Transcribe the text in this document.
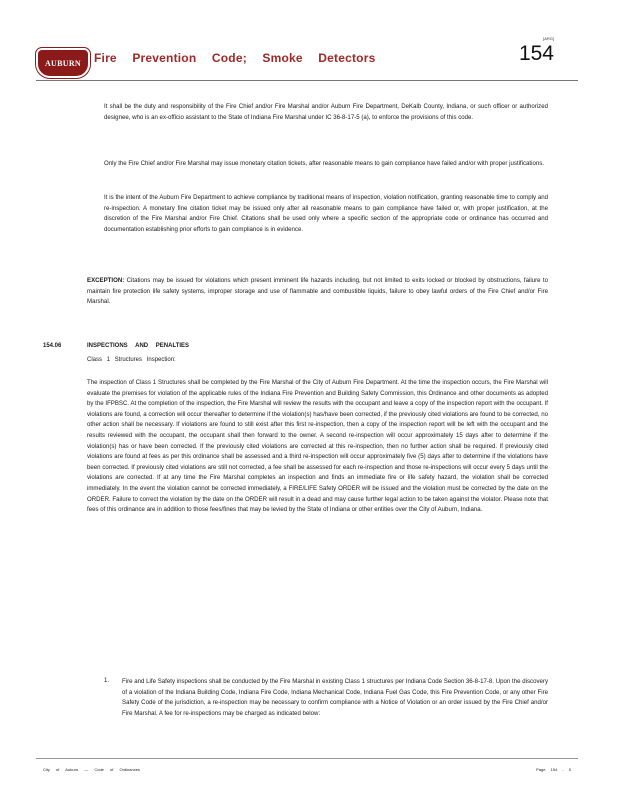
AUBURN Fire Prevention Code; Smoke Detectors
[ARG]
154

It shall be the duty and responsibility of the Fire Chief and/or Fire Marshal and/or Auburn Fire Department, DeKalb County, Indiana, or such officer or authorized designee, who is an ex-officio assistant to the State of Indiana Fire Marshal under IC 36-8-17-5 (a), to enforce the provisions of this code.

Only the Fire Chief and/or Fire Marshal may issue monetary citation tickets, after reasonable means to gain compliance have failed and/or with proper justifications.

It is the intent of the Auburn Fire Department to achieve compliance by traditional means of inspection, violation notification, granting reasonable time to comply and re-inspection. A monetary fine citation ticket may be issued only after all reasonable means to gain compliance have failed or, with proper justification, at the discretion of the Fire Marshal and/or Fire Chief. Citations shall be used only where a specific section of the appropriate code or ordinance has occurred and documentation establishing prior efforts to gain compliance is in evidence.

EXCEPTION: Citations may be issued for violations which present imminent life hazards including, but not limited to exits locked or blocked by obstructions, failure to maintain fire protection life safety systems, improper storage and use of flammable and combustible liquids, failure to obey lawful orders of the Fire Chief and/or Fire Marshal.

154.06	INSPECTIONS AND PENALTIES
Class 1 Structures Inspection:

The inspection of Class 1 Structures shall be completed by the Fire Marshal of the City of Auburn Fire Department. At the time the inspection occurs, the Fire Marshal will evaluate the premises for violation of the applicable rules of the Indiana Fire Prevention and Building Safety Commission, this Ordinance and other documents as adopted by the IFPBSC. At the completion of the inspection, the Fire Marshal will review the results with the occupant and leave a copy of the inspection report with the occupant. If violations are found, a correction will occur thereafter to determine if the violation(s) has/have been corrected, if the previously cited violations are found to be corrected, no other action shall be necessary. If violations are found to still exist after this first re-inspection, then a copy of the inspection report will be left with the occupant and the results reviewed with the occupant, the occupant shall then forward to the owner. A second re-inspection will occur approximately 15 days after to determine if the violation(s) has or have been corrected. If the previously cited violations are corrected at this re-inspection, then no further action shall be required. If previously cited violations are found at fees as per this ordinance shall be assessed and a third re-inspection will occur approximately five (5) days after to determine if the violations have been corrected. If previously cited violations are still not corrected, a fee shall be assessed for each re-inspection and those re-inspections will occur every 5 days until the violations are corrected. If at any time the Fire Marshal completes an inspection and finds an immediate fire or life safety hazard, the violation shall be corrected immediately. In the event the violation cannot be corrected immediately, a FIRE/LIFE Safety ORDER will be issued and the violation must be corrected by the date on the ORDER. Failure to correct the violation by the date on the ORDER will result in a dead and may cause further legal action to be taken against the violator. Please note that fees of this ordinance are in addition to those fees/fines that may be levied by the State of Indiana or other entities over the City of Auburn, Indiana.

1. Fire and Life Safety inspections shall be conducted by the Fire Marshal in existing Class 1 structures per Indiana Code Section 36-8-17-8. Upon the discovery of a violation of the Indiana Building Code, Indiana Fire Code, Indiana Mechanical Code, Indiana Fuel Gas Code, this Fire Prevention Code, or any other Fire Safety Code of the jurisdiction, a re-inspection may be necessary to confirm compliance with a Notice of Violation or an order issued by the Fire Chief and/or Fire Marshal. A fee for re-inspections may be charged as indicated below:

City of Auburn — Code of Ordinances	Page 154 - 5
